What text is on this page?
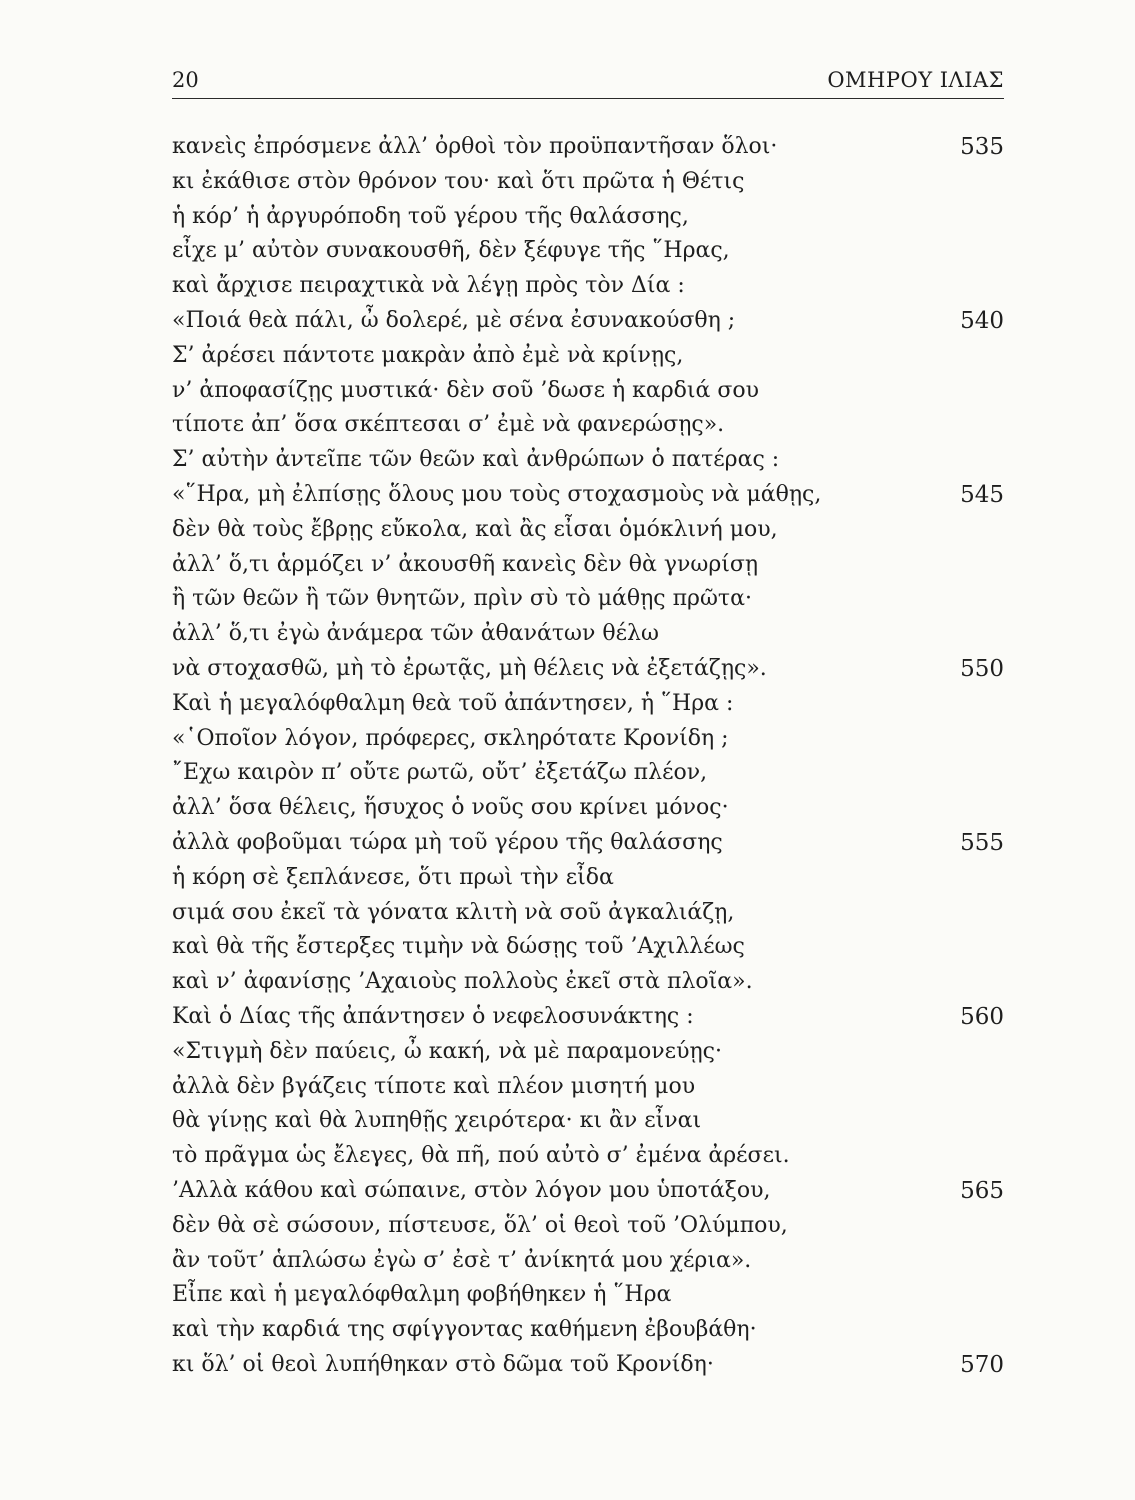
20	ΟΜΗΡΟΥ ΙΛΙΑΣ
κανεὶς ἐπρόσμενε ἀλλ’ ὀρθοὶ τὸν προϋπαντῆσαν ὅλοι·	535
κι ἐκάθισε στὸν θρόνον του· καὶ ὅτι πρῶτα ἡ Θέτις
ἡ κόρ’ ἡ ἀργυρόποδη τοῦ γέρου τῆς θαλάσσης,
εἶχε μ’ αὐτὸν συνακουσθῆ, δὲν ξέφυγε τῆς ῞Ηρας,
καὶ ἄρχισε πειραχτικὰ νὰ λέγῃ πρὸς τὸν Δία :
«Ποιά θεὰ πάλι, ὦ δολερέ, μὲ σένα ἐσυνακούσθη ;	540
Σ’ ἀρέσει πάντοτε μακρὰν ἀπὸ ἐμὲ νὰ κρίνῃς,
ν’ ἀποφασίζῃς μυστικά· δὲν σοῦ ’δωσε ἡ καρδιά σου
τίποτε ἀπ’ ὅσα σκέπτεσαι σ’ ἐμὲ νὰ φανερώσῃς».
Σ’ αὐτὴν ἀντεῖπε τῶν θεῶν καὶ ἀνθρώπων ὁ πατέρας :
«῞Ηρα, μὴ ἐλπίσῃς ὅλους μου τοὺς στοχασμοὺς νὰ μάθῃς,	545
δὲν θὰ τοὺς ἔβρῃς εὔκολα, καὶ ἂς εἶσαι ὁμόκλινή μου,
ἀλλ’ ὅ,τι ἁρμόζει ν’ ἀκουσθῆ κανεὶς δὲν θὰ γνωρίσῃ
ἢ τῶν θεῶν ἢ τῶν θνητῶν, πρὶν σὺ τὸ μάθῃς πρῶτα·
ἀλλ’ ὅ,τι ἐγὼ ἀνάμερα τῶν ἀθανάτων θέλω
νὰ στοχασθῶ, μὴ τὸ ἐρωτᾷς, μὴ θέλεις νὰ ἐξετάζῃς».	550
Καὶ ἡ μεγαλόφθαλμη θεὰ τοῦ ἀπάντησεν, ἡ ῞Ηρα :
«῾Οποῖον λόγον, πρόφερες, σκληρότατε Κρονίδη ;
῎Εχω καιρὸν π’ οὔτε ρωτῶ, οὔτ’ ἐξετάζω πλέον,
ἀλλ’ ὅσα θέλεις, ἥσυχος ὁ νοῦς σου κρίνει μόνος·
ἀλλὰ φοβοῦμαι τώρα μὴ τοῦ γέρου τῆς θαλάσσης	555
ἡ κόρη σὲ ξεπλάνεσε, ὅτι πρωὶ τὴν εἶδα
σιμά σου ἐκεῖ τὰ γόνατα κλιτὴ νὰ σοῦ ἀγκαλιάζῃ,
καὶ θὰ τῆς ἔστερξες τιμὴν νὰ δώσῃς τοῦ ’Αχιλλέως
καὶ ν’ ἀφανίσῃς ’Αχαιοὺς πολλοὺς ἐκεῖ στὰ πλοῖα».
Καὶ ὁ Δίας τῆς ἀπάντησεν ὁ νεφελοσυνάκτης :	560
«Στιγμὴ δὲν παύεις, ὦ κακή, νὰ μὲ παραμονεύῃς·
ἀλλὰ δὲν βγάζεις τίποτε καὶ πλέον μισητή μου
θὰ γίνῃς καὶ θὰ λυπηθῇς χειρότερα· κι ἂν εἶναι
τὸ πρᾶγμα ὡς ἔλεγες, θὰ πῆ, πού αὐτὸ σ’ ἐμένα ἀρέσει.
’Αλλὰ κάθου καὶ σώπαινε, στὸν λόγον μου ὑποτάξου,	565
δὲν θὰ σὲ σώσουν, πίστευσε, ὅλ’ οἱ θεοὶ τοῦ ’Ολύμπου,
ἂν τοῦτ’ ἁπλώσω ἐγὼ σ’ ἐσὲ τ’ ἀνίκητά μου χέρια».
Εἶπε καὶ ἡ μεγαλόφθαλμη φοβήθηκεν ἡ ῞Ηρα
καὶ τὴν καρδιά της σφίγγοντας καθήμενη ἐβουβάθη·
κι ὅλ’ οἱ θεοὶ λυπήθηκαν στὸ δῶμα τοῦ Κρονίδη·	570
